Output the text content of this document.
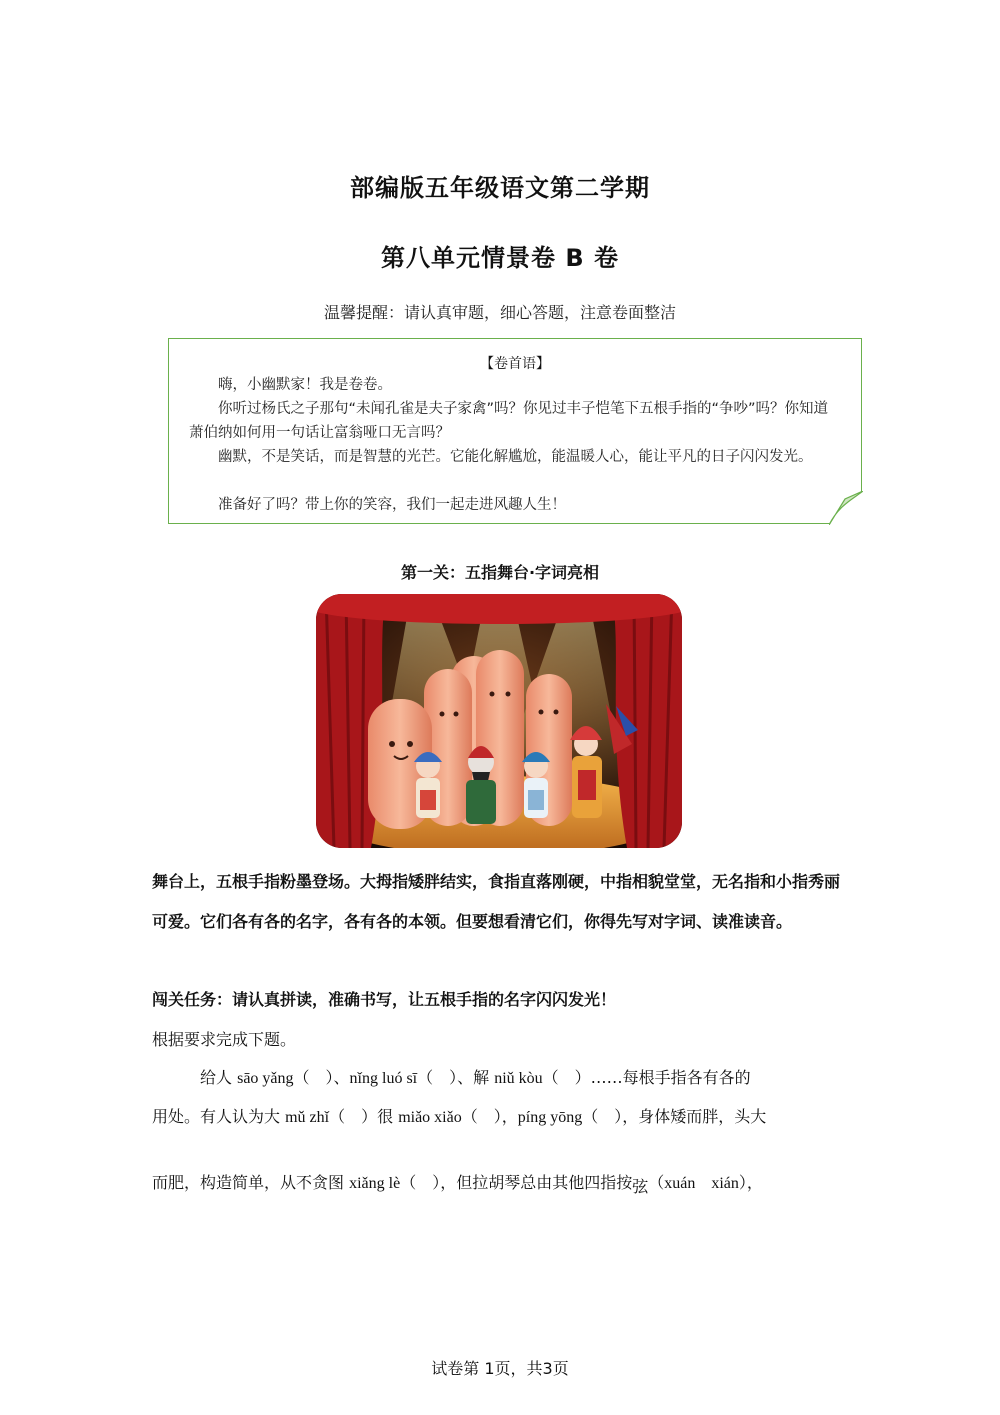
部编版五年级语文第二学期
第八单元情景卷 B 卷
温馨提醒：请认真审题，细心答题，注意卷面整洁
【卷首语】
嗨，小幽默家！我是卷卷。
你听过杨氏之子那句“未闻孔雀是夫子家禽”吗？你见过丰子恺笔下五根手指的“争吵”吗？你知道萧伯纳如何用一句话让富翁哑口无言吗？
幽默，不是笑话，而是智慧的光芒。它能化解尴尬，能温暖人心，能让平凡的日子闪闪发光。
准备好了吗？带上你的笑容，我们一起走进风趣人生！
第一关：五指舞台·字词亮相
舞台上，五根手指粉墨登场。大拇指矮胖结实，食指直落刚硬，中指相貌堂堂，无名指和小指秀丽可爱。它们各有各的名字，各有各的本领。但要想看清它们，你得先写对字词、读准读音。
闯关任务：请认真拼读，准确书写，让五根手指的名字闪闪发光！
根据要求完成下题。
给人 sāo yǎng（　）、nǐng luó sī（　）、解 niǔ kòu（　）……每根手指各有各的
用处。有人认为大 mǔ zhǐ（　）很 miǎo xiǎo（　），píng yōng（　），身体矮而胖，头大
而肥，构造简单，从不贪图 xiǎng lè（　），但拉胡琴总由其他四指按弦（xuán　xián），
试卷第 1页，共3页
